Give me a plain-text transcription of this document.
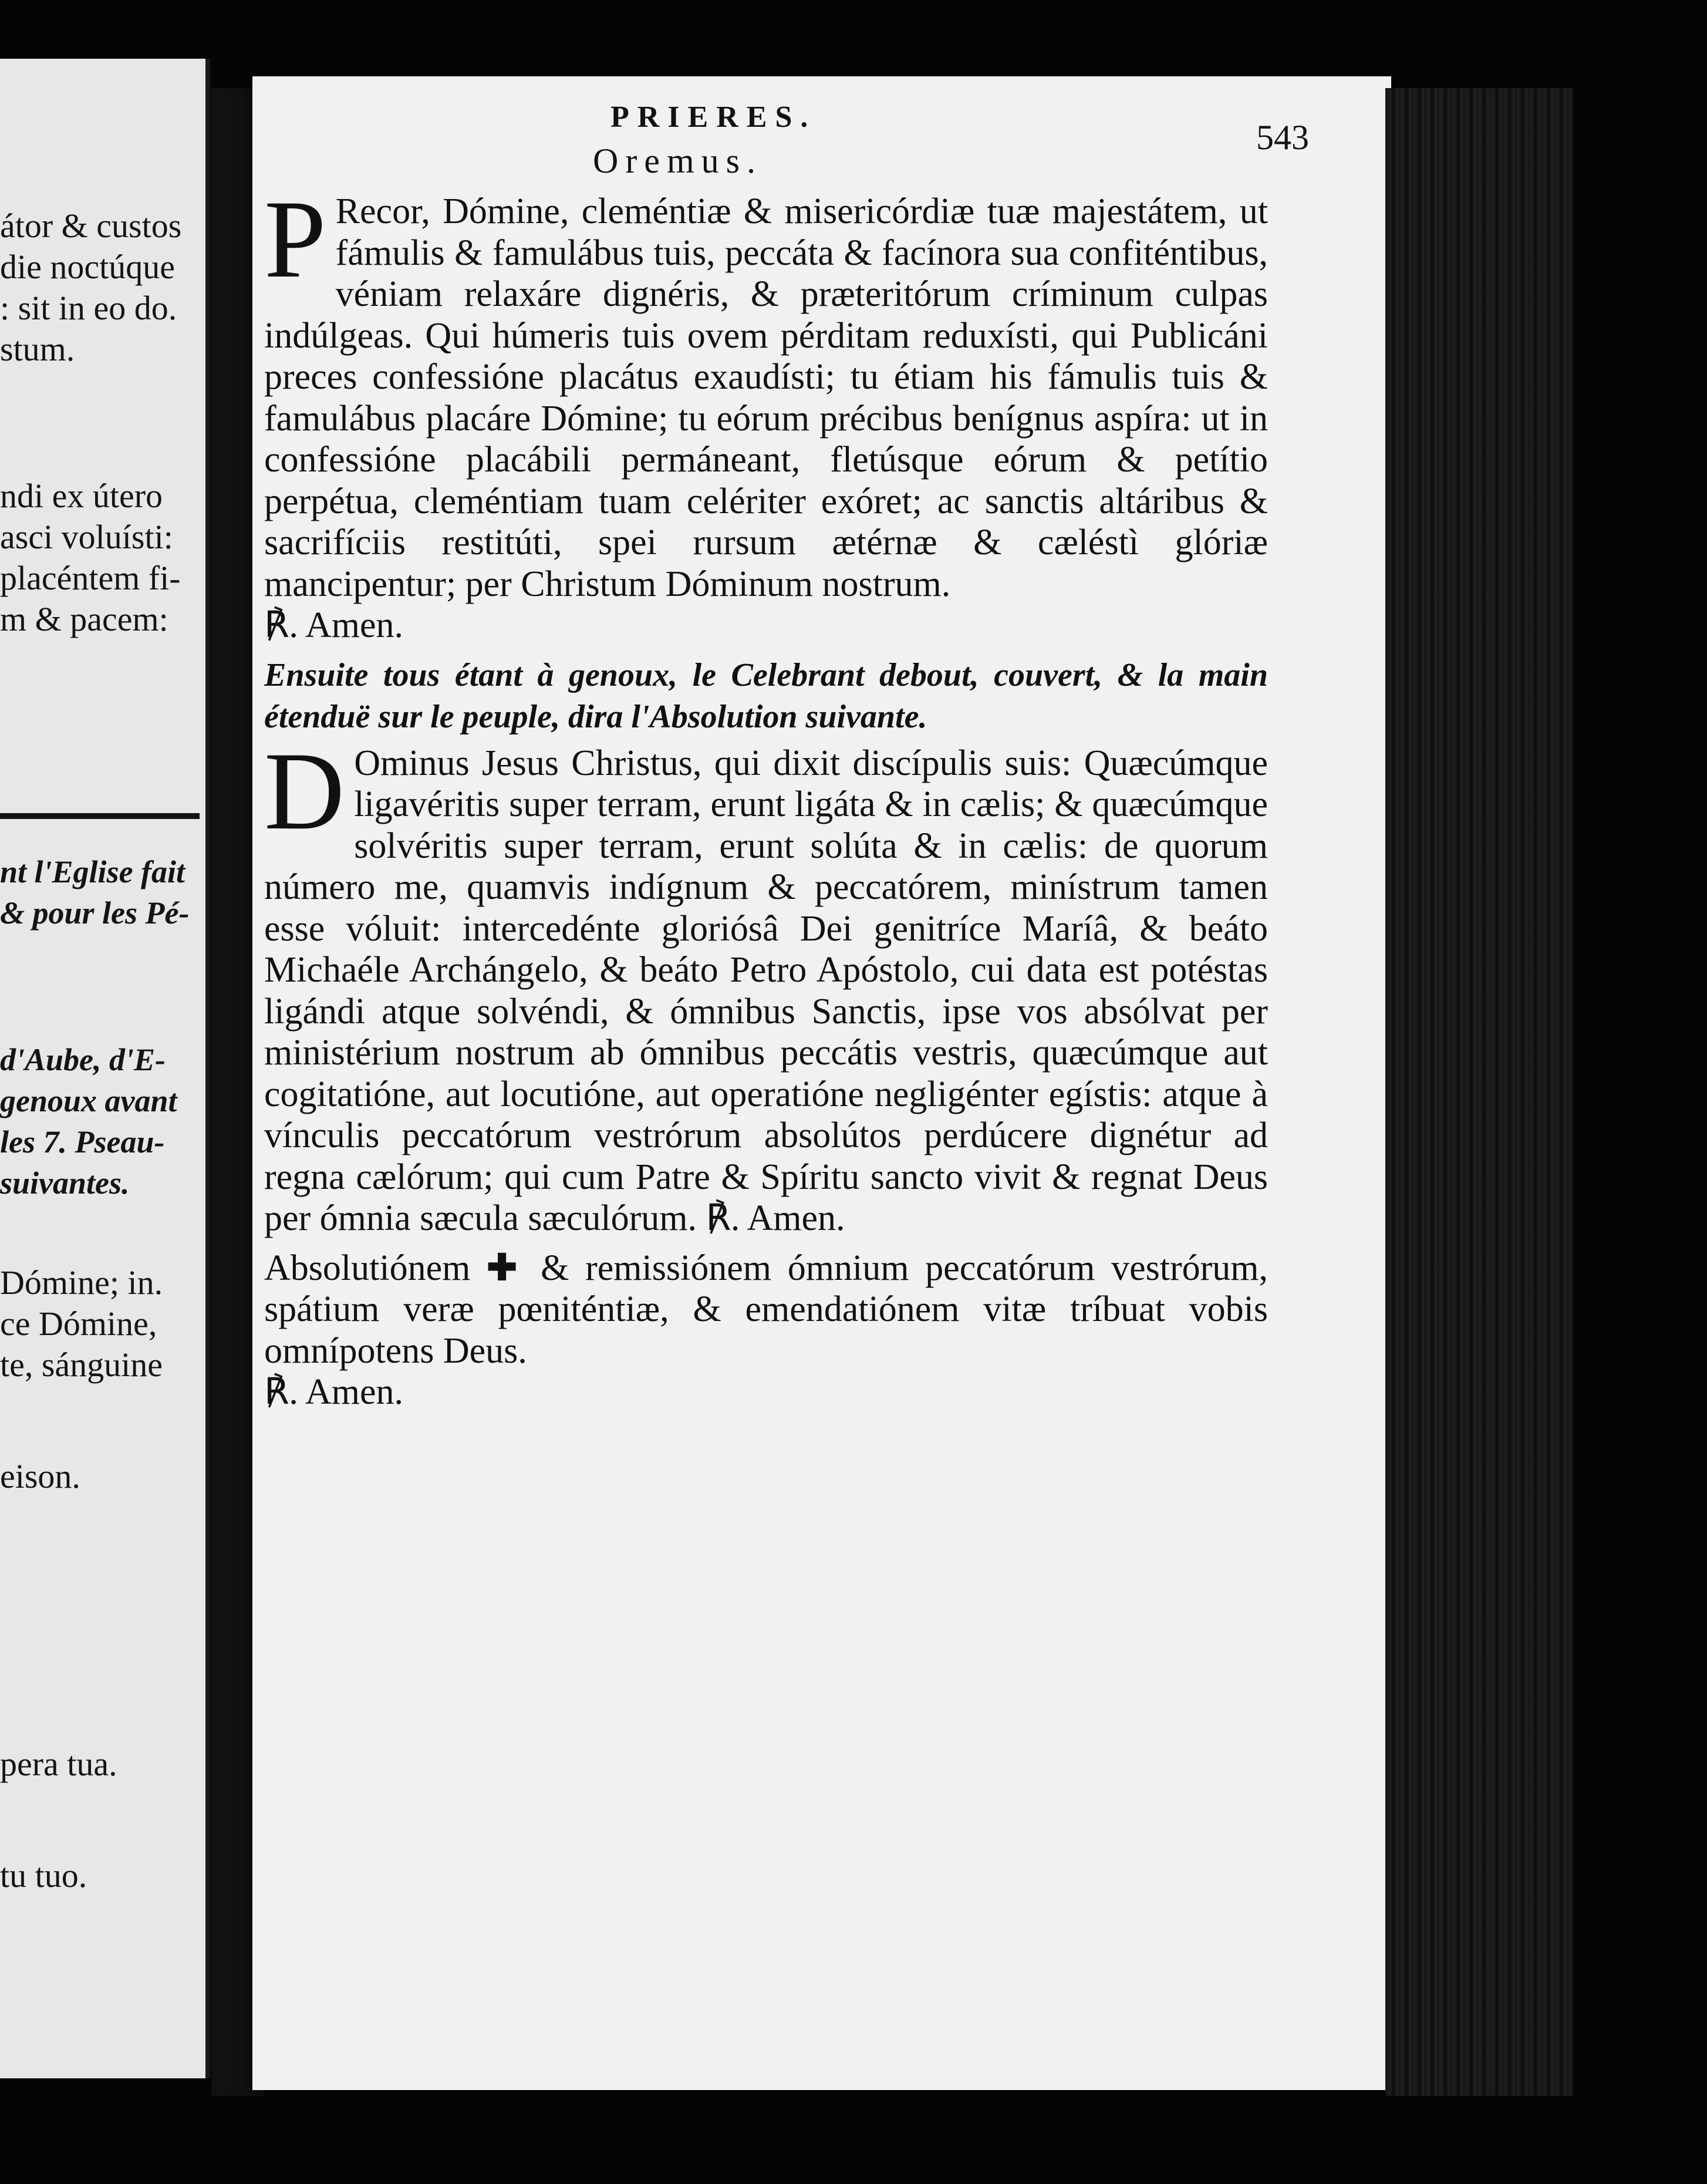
átor & custos
die noctúque
: sit in eo do.
stum.
ndi ex útero
asci voluísti:
placéntem fi-
m & pacem:
nt l'Eglise fait
& pour les Pé-
d'Aube, d'E-
genoux avant
les 7. Pseau-
suivantes.
Dómine; in.
ce Dómine,
te, sánguine
eison.
pera tua.
tu tuo.
PRIERES.
543
Oremus.

P Recor, Dómine, cleméntiæ & misericórdiæ tuæ majestátem, ut fámulis & famulábus tuis, peccáta & facínora sua confiténtibus, véniam relaxáre dignéris, & præteritórum críminum culpas indúlgeas. Qui húmeris tuis ovem pérditam reduxísti, qui Publicáni preces confessióne placátus exaudísti; tu étiam his fámulis tuis & famulábus placáre Dómine; tu eórum précibus benígnus aspíra: ut in confessióne placábili permáneant, fletúsque eórum & petítio perpétua, cleméntiam tuam celériter exóret; ac sanctis altáribus & sacrifíciis restitúti, spei rursum ætérnæ & cæléstì glóriæ mancipentur; per Christum Dóminum nostrum.
℟. Amen.

Ensuite tous étant à genoux, le Celebrant debout, couvert, & la main étenduë sur le peuple, dira l'Absolution suivante.

D Ominus Jesus Christus, qui dixit discípulis suis: Quæcúmque ligavéritis super terram, erunt ligáta & in cælis; & quæcúmque solvéritis super terram, erunt solúta & in cælis: de quorum número me, quamvis indígnum & peccatórem, minístrum tamen esse vóluit: intercedénte gloriósâ Dei genitríce Maríâ, & beáto Michaéle Archángelo, & beáto Petro Apóstolo, cui data est potéstas ligándi atque solvéndi, & ómnibus Sanctis, ipse vos absólvat per ministérium nostrum ab ómnibus peccátis vestris, quæcúmque aut cogitatióne, aut locutióne, aut operatióne negligénter egístis: atque à vínculis peccatórum vestrórum absolútos perdúcere dignétur ad regna cælórum; qui cum Patre & Spíritu sancto vivit & regnat Deus per ómnia sæcula sæculórum. ℟. Amen.

Absolutiónem ✚ & remissiónem ómnium peccatórum vestrórum, spátium veræ pœniténtiæ, & emendatiónem vitæ tríbuat vobis omnípotens Deus.
℟. Amen.
